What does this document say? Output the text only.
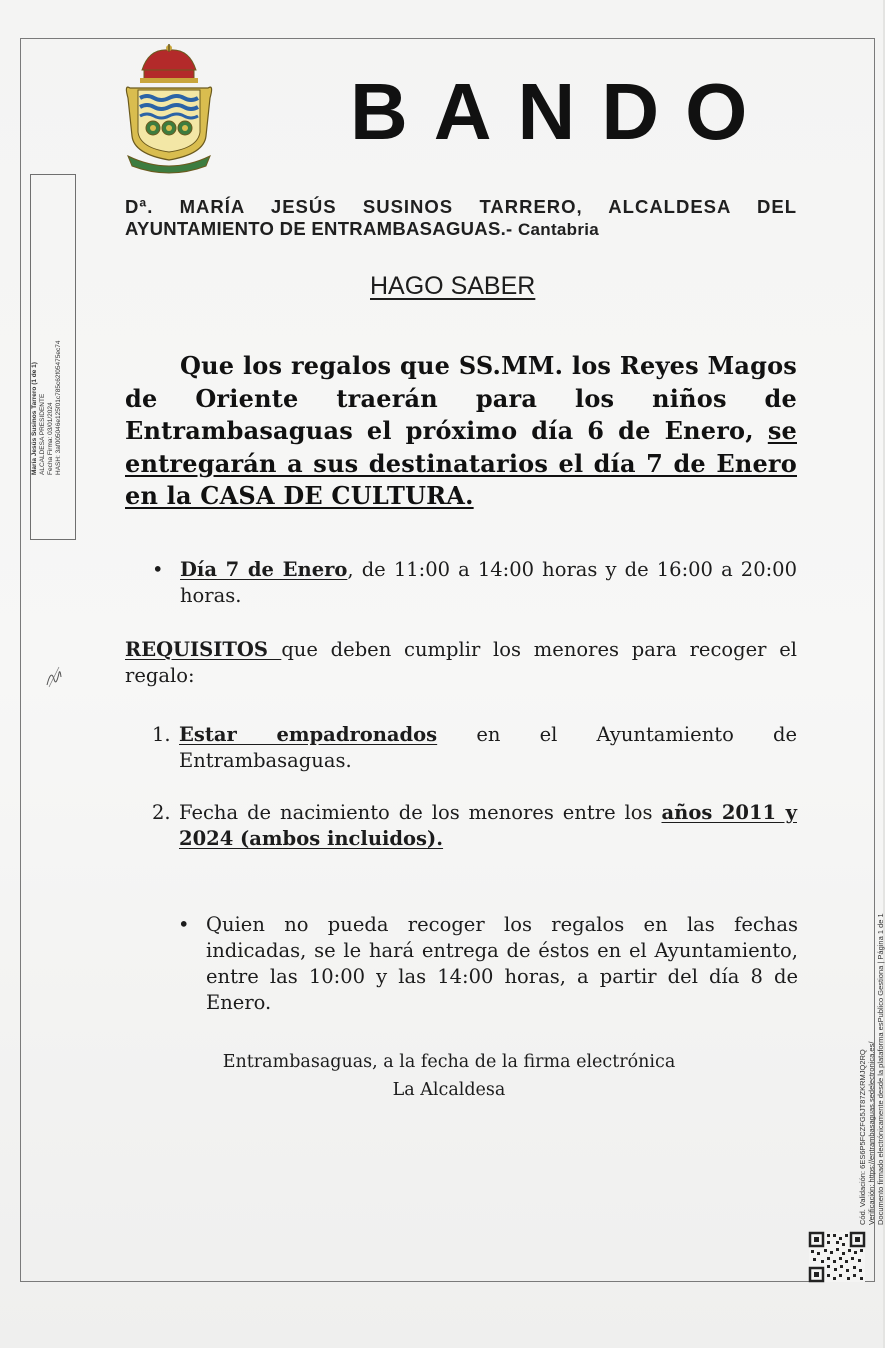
BANDO
María Jesús Susinos Tarrero (1 de 1) ALCALDESA PRESIDENTE Fecha Firma: 03/01/2024 HASH: 3af005046e125f01c785c62f05475ec74
Dª. MARÍA JESÚS SUSINOS TARRERO, ALCALDESA DEL
AYUNTAMIENTO DE ENTRAMBASAGUAS.- Cantabria
HAGO SABER
Que los regalos que SS.MM. los Reyes Magos de Oriente traerán para los niños de Entrambasaguas el próximo día 6 de Enero, se entregarán a sus destinatarios el día 7 de Enero en la CASA DE CULTURA.
• Día 7 de Enero, de 11:00 a 14:00 horas y de 16:00 a 20:00 horas.
REQUISITOS que deben cumplir los menores para recoger el regalo:
1. Estar empadronados en el Ayuntamiento de
Entrambasaguas.
2. Fecha de nacimiento de los menores entre los años 2011 y 2024 (ambos incluidos).
• Quien no pueda recoger los regalos en las fechas indicadas, se le hará entrega de éstos en el Ayuntamiento, entre las 10:00 y las 14:00 horas, a partir del día 8 de Enero.
Entrambasaguas, a la fecha de la firma electrónica
La Alcaldesa	Cód. Validación: 6ES6P5FCZFG5JT87ZKRMJQ2RQ Verificación: https://entrambasaguas.sedelectronica.es/ Documento firmado electrónicamente desde la plataforma esPublico Gestiona | Página 1 de 1
